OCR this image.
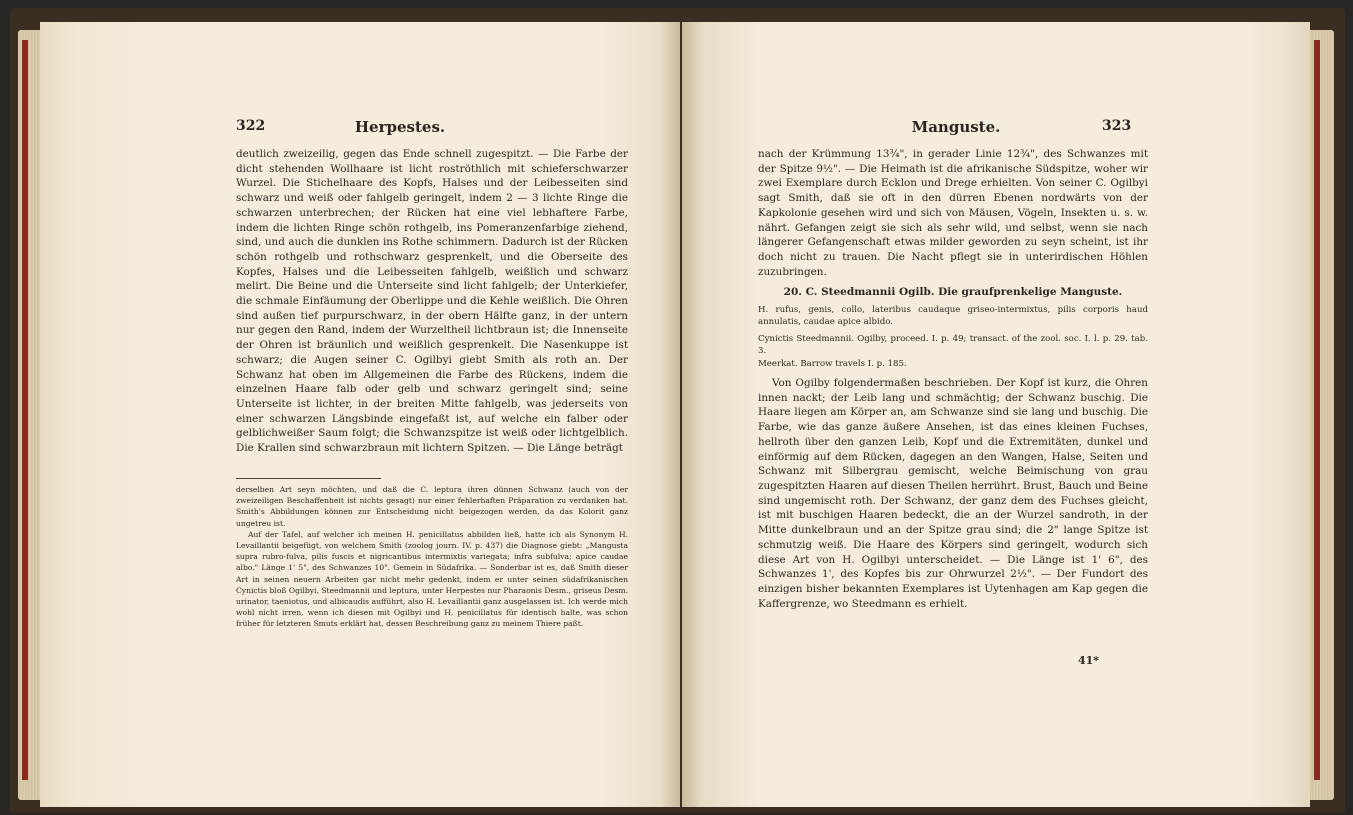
322	Herpestes.

deutlich zweizeilig, gegen das Ende schnell zugespitzt. — Die Farbe der dicht stehenden Wollhaare ist licht roströthlich mit schieferschwarzer Wurzel. Die Stichelhaare des Kopfs, Halses und der Leibesseiten sind schwarz und weiß oder fahlgelb geringelt, indem 2 — 3 lichte Ringe die schwarzen unterbrechen; der Rücken hat eine viel lebhaftere Farbe, indem die lichten Ringe schön rothgelb, ins Pomeranzenfarbige ziehend, sind, und auch die dunklen ins Rothe schimmern. Dadurch ist der Rücken schön rothgelb und rothschwarz gesprenkelt, und die Oberseite des Kopfes, Halses und die Leibesseiten fahlgelb, weißlich und schwarz melirt. Die Beine und die Unterseite sind licht fahlgelb; der Unterkiefer, die schmale Einfäumung der Oberlippe und die Kehle weißlich. Die Ohren sind außen tief purpurschwarz, in der obern Hälfte ganz, in der untern nur gegen den Rand, indem der Wurzeltheil lichtbraun ist; die Innenseite der Ohren ist bräunlich und weißlich gesprenkelt. Die Nasenkuppe ist schwarz; die Augen seiner C. Ogilbyi giebt Smith als roth an. Der Schwanz hat oben im Allgemeinen die Farbe des Rückens, indem die einzelnen Haare falb oder gelb und schwarz geringelt sind; seine Unterseite ist lichter, in der breiten Mitte fahlgelb, was jederseits von einer schwarzen Längsbinde eingefaßt ist, auf welche ein falber oder gelblichweißer Saum folgt; die Schwanzspitze ist weiß oder lichtgelblich. Die Krallen sind schwarzbraun mit lichtern Spitzen. — Die Länge beträgt

derselben Art seyn möchten, und daß die C. leptura ihren dünnen Schwanz (auch von der zweizeiligen Beschaffenheit ist nichts gesagt) nur einer fehlerhaften Präparation zu verdanken hat. Smith's Abbildungen können zur Entscheidung nicht beigezogen werden, da das Kolorit ganz ungetreu ist.

Auf der Tafel, auf welcher ich meinen H. penicillatus abbilden ließ, hatte ich als Synonym H. Levaillantii beigefügt, von welchem Smith (zoolog journ. IV. p. 437) die Diagnose giebt: „Mangusta supra rubro-fulva, pilis fuscis et nigricantibus intermixtis variegata; infra subfulva; apice caudae albo." Länge 1' 5", des Schwanzes 10". Gemein in Südafrika. — Sonderbar ist es, daß Smith dieser Art in seinen neuern Arbeiten gar nicht mehr gedenkt, indem er unter seinen südafrikanischen Cynictis bloß Ogilbyi, Steedmannii und leptura, unter Herpestes nur Pharaonis Desm., griseus Desm. urinator, taeniotus, und albicaudis aufführt, also H. Levaillantii ganz ausgelassen ist. Ich werde mich wohl nicht irren, wenn ich diesen mit Ogilbyi und H. penicillatus für identisch halte, was schon früher für letzteren Smuts erklärt hat, dessen Beschreibung ganz zu meinem Thiere paßt.

Manguste.	323

nach der Krümmung 13¾", in gerader Linie 12¾", des Schwanzes mit der Spitze 9½". — Die Heimath ist die afrikanische Südspitze, woher wir zwei Exemplare durch Ecklon und Drege erhielten. Von seiner C. Ogilbyi sagt Smith, daß sie oft in den dürren Ebenen nordwärts von der Kapkolonie gesehen wird und sich von Mäusen, Vögeln, Insekten u. s. w. nährt. Gefangen zeigt sie sich als sehr wild, und selbst, wenn sie nach längerer Gefangenschaft etwas milder geworden zu seyn scheint, ist ihr doch nicht zu trauen. Die Nacht pflegt sie in unterirdischen Höhlen zuzubringen.

20. C. Steedmannii Ogilb. Die graufprenkelige Manguste.

H. rufus, genis, collo, lateribus caudaque griseo-intermixtus, pilis corporis haud annulatis, caudae apice albido.

Cynictis Steedmannii. Ogilby, proceed. I. p. 49; transact. of the zool. soc. I. l. p. 29. tab. 3.

Meerkat. Barrow travels I. p. 185.

Von Ogilby folgendermaßen beschrieben. Der Kopf ist kurz, die Ohren innen nackt; der Leib lang und schmächtig; der Schwanz buschig. Die Haare liegen am Körper an, am Schwanze sind sie lang und buschig. Die Farbe, wie das ganze äußere Ansehen, ist das eines kleinen Fuchses, hellroth über den ganzen Leib, Kopf und die Extremitäten, dunkel und einförmig auf dem Rücken, dagegen an den Wangen, Halse, Seiten und Schwanz mit Silbergrau gemischt, welche Beimischung von grau zugespitzten Haaren auf diesen Theilen herrührt. Brust, Bauch und Beine sind ungemischt roth. Der Schwanz, der ganz dem des Fuchses gleicht, ist mit buschigen Haaren bedeckt, die an der Wurzel sandroth, in der Mitte dunkelbraun und an der Spitze grau sind; die 2" lange Spitze ist schmutzig weiß. Die Haare des Körpers sind geringelt, wodurch sich diese Art von H. Ogilbyi unterscheidet. — Die Länge ist 1' 6", des Schwanzes 1', des Kopfes bis zur Ohrwurzel 2½". — Der Fundort des einzigen bisher bekannten Exemplares ist Uytenhagen am Kap gegen die Kaffergrenze, wo Steedmann es erhielt.

41*
